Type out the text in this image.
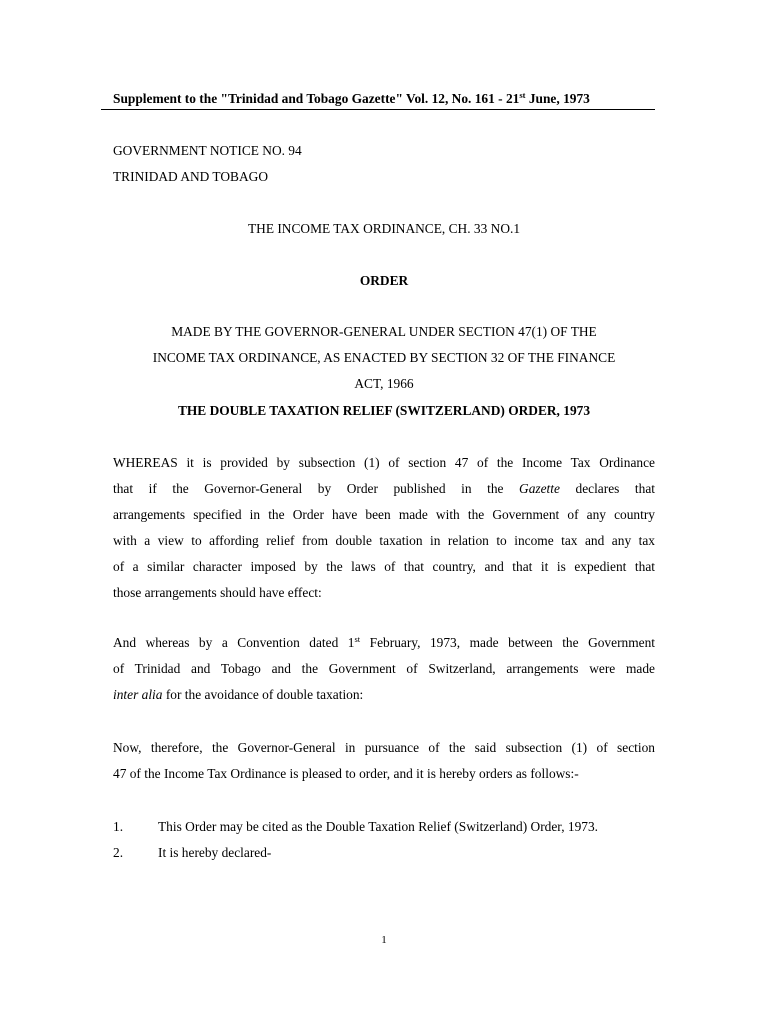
Supplement to the "Trinidad and Tobago Gazette" Vol. 12, No. 161 - 21st June, 1973
GOVERNMENT NOTICE NO. 94
TRINIDAD AND TOBAGO
THE INCOME TAX ORDINANCE, CH. 33 NO.1
ORDER
MADE BY THE GOVERNOR-GENERAL UNDER SECTION 47(1) OF THE
INCOME TAX ORDINANCE, AS ENACTED BY SECTION 32 OF THE FINANCE
ACT, 1966
THE DOUBLE TAXATION RELIEF (SWITZERLAND) ORDER, 1973
WHEREAS it is provided by subsection (1) of section 47 of the Income Tax Ordinance
that if the Governor-General by Order published in the Gazette declares that
arrangements specified in the Order have been made with the Government of any country
with a view to affording relief from double taxation in relation to income tax and any tax
of a similar character imposed by the laws of that country, and that it is expedient that
those arrangements should have effect:
And whereas by a Convention dated 1st February, 1973, made between the Government
of Trinidad and Tobago and the Government of Switzerland, arrangements were made
inter alia for the avoidance of double taxation:
Now, therefore, the Governor-General in pursuance of the said subsection (1) of section
47 of the Income Tax Ordinance is pleased to order, and it is hereby orders as follows:-
1.	This Order may be cited as the Double Taxation Relief (Switzerland) Order, 1973.
2.	It is hereby declared-
1
